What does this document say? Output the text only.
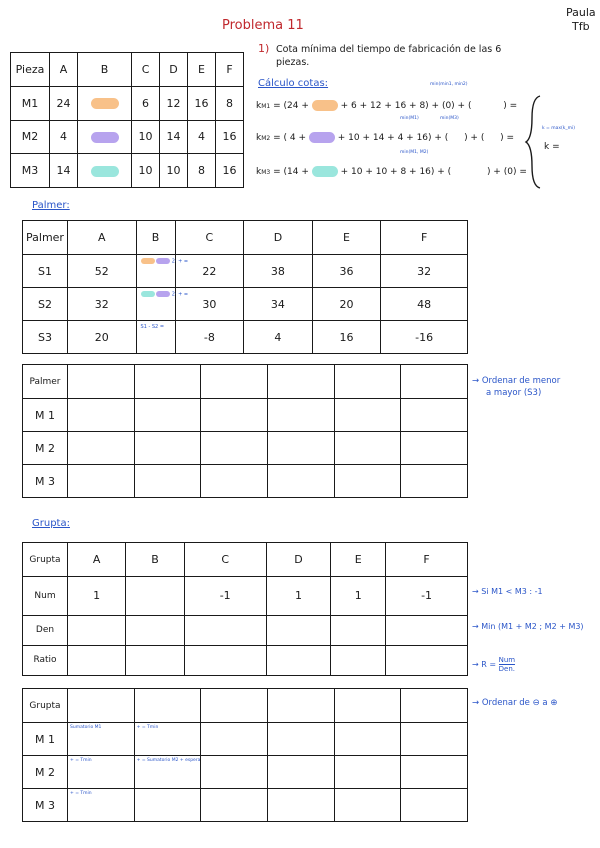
Problema 11
Paula
Tfb
1) Cota mínima del tiempo de fabricación de las 6
piezas.
Cálculo cotas:
kM1 = (24 +	+ 6 + 12 + 16 + 8) + (0) + (	) =
min(min1, min2)
kM2 = ( 4 +	+ 10 + 14 + 4 + 16) + ( ) + ( ) =
min(M1)	min(M3)
kM3 = (14 +	+ 10 + 10 + 8 + 16) + (	) + (0) =
min(M1, M2)
k =
k = max(k_mi)
Pieza	A	B	C	D	E	F
M1	24		6	12	16	8
M2	4		10	14	4	16
M3	14		10	10	8	16
Palmer:
Palmer	A	B	C	D	E	F
S1	52	2· + =	22	38	36	32
S2	32	2· + =	30	34	20	48
S3	20	S1 - S2 =	-8	4	16	-16
Palmer						
M 1						
M 2						
M 3						
→ Ordenar de menor
a mayor (S3)
Grupta:
Grupta	A	B	C	D	E	F
Num	1		-1	1	1	-1
Den						
Ratio						
→ Si M1 < M3 : -1
→ Min (M1 + M2 ; M2 + M3)
→ R = Num
Den.
Grupta						
M 1	Sumatorio M1	+ = Tmin				

M 2	+ = Tmin	+ = Sumatorio M2 + espera				

M 3	+ = Tmin					

→ Ordenar de ⊖ a ⊕
